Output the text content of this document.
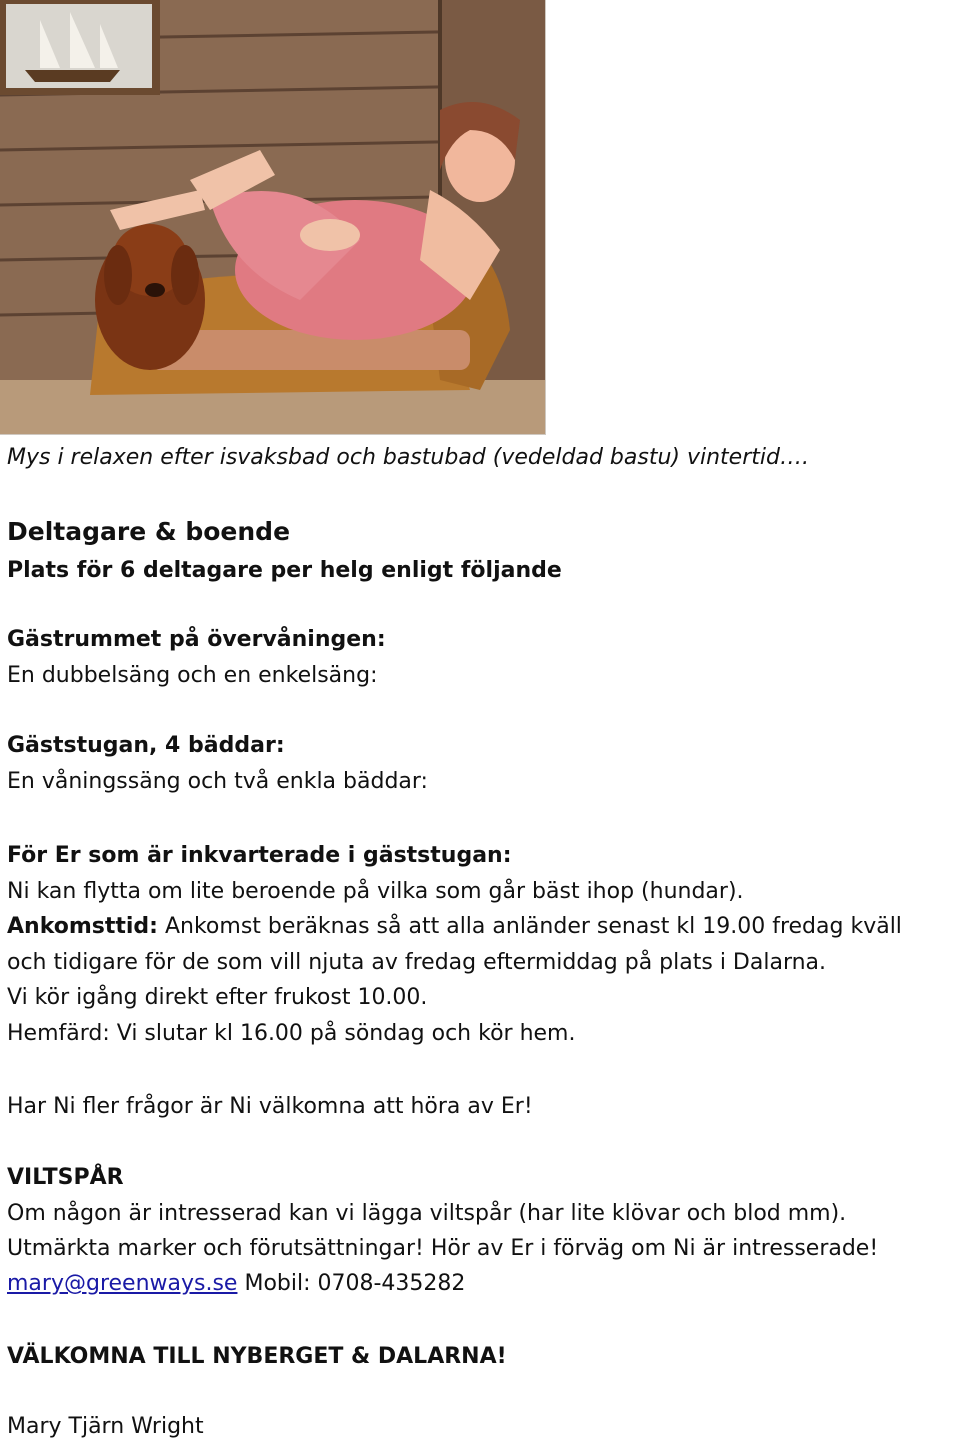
Mys i relaxen efter isvaksbad och bastubad (vedeldad bastu) vintertid….
Deltagare & boende
Plats för 6 deltagare per helg enligt följande
Gästrummet på övervåningen:
En dubbelsäng och en enkelsäng:
Gäststugan, 4 bäddar:
En våningssäng och två enkla bäddar:
För Er som är inkvarterade i gäststugan:
Ni kan flytta om lite beroende på vilka som går bäst ihop (hundar).
Ankomsttid: Ankomst beräknas så att alla anländer senast kl 19.00 fredag kväll
och tidigare för de som vill njuta av fredag eftermiddag på plats i Dalarna.
Vi kör igång direkt efter frukost 10.00.
Hemfärd: Vi slutar kl 16.00 på söndag och kör hem.
Har Ni fler frågor är Ni välkomna att höra av Er!
VILTSPÅR
Om någon är intresserad kan vi lägga viltspår (har lite klövar och blod mm).
Utmärkta marker och förutsättningar! Hör av Er i förväg om Ni är intresserade!
mary@greenways.se Mobil: 0708-435282
VÄLKOMNA TILL NYBERGET & DALARNA!
Mary Tjärn Wright
